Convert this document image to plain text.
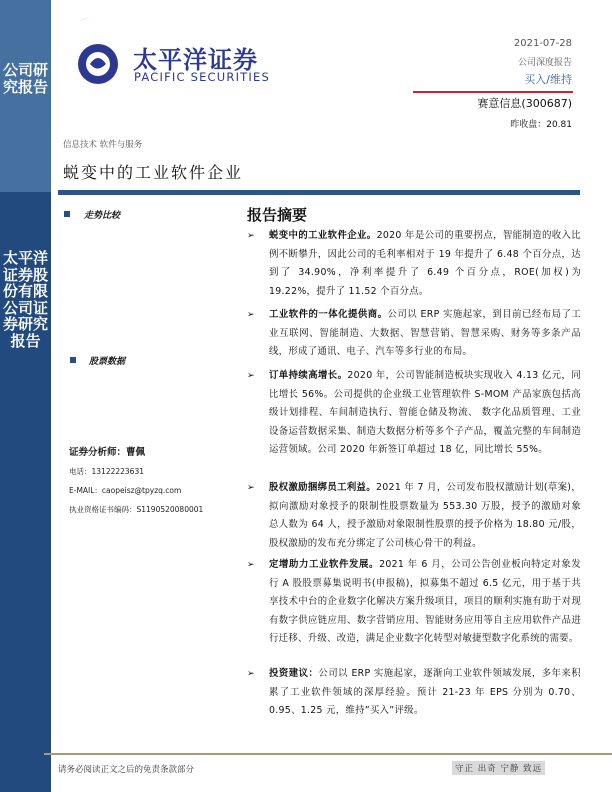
公司研究报告
太平洋证券股份有限公司证券研究报告
太平洋证券
PACIFIC SECURITIES
2021-07-28
公司深度报告
买入/维持
赛意信息(300687)
昨收盘：20.81
信息技术 软件与服务
蜕变中的工业软件企业
走势比较
股票数据
证券分析师：曹佩
电话：13122223631
E-MAIL：caopeisz@tpyzq.com
执业资格证书编码：S1190520080001
报告摘要
➢ 蜕变中的工业软件企业。2020 年是公司的重要拐点，智能制造的收入比例不断攀升，因此公司的毛利率相对于 19 年提升了 6.48 个百分点，达到了 34.90%，净利率提升了 6.49 个百分点，ROE(加权)为 19.22%，提升了 11.52 个百分点。
➢ 工业软件的一体化提供商。公司以 ERP 实施起家，到目前已经布局了工业互联网、智能制造、大数据、智慧营销、智慧采购、财务等多条产品线，形成了通讯、电子、汽车等多行业的布局。
➢ 订单持续高增长。2020 年，公司智能制造板块实现收入 4.13 亿元，同比增长 56%。公司提供的企业级工业管理软件 S-MOM 产品家族包括高级计划排程、车间制造执行、智能仓储及物流、 数字化品质管理、工业设备运营数据采集、制造大数据分析等多个子产品，覆盖完整的车间制造运营领域。公司 2020 年新签订单超过 18 亿，同比增长 55%。
➢ 股权激励捆绑员工利益。2021 年 7 月，公司发布股权激励计划(草案)，拟向激励对象授予的限制性股票数量为 553.30 万股，授予的激励对象总人数为 64 人，授予激励对象限制性股票的授予价格为 18.80 元/股，股权激励的发布充分绑定了公司核心骨干的利益。
➢ 定增助力工业软件发展。2021 年 6 月，公司公告创业板向特定对象发行 A 股股票募集说明书(申报稿)，拟募集不超过 6.5 亿元，用于基于共享技术中台的企业数字化解决方案升级项目，项目的顺利实施有助于对现有数字供应链应用、数字营销应用、智能财务应用等自主应用软件产品进行迁移、升级、改造，满足企业数字化转型对敏捷型数字化系统的需要。
➢ 投资建议：公司以 ERP 实施起家，逐渐向工业软件领域发展，多年来积累了工业软件领域的深厚经验。预计 21-23 年 EPS 分别为 0.70、0.95、1.25 元，维持”买入”评级。
请务必阅读正文之后的免责条款部分	守正 出奇 宁静 致远
